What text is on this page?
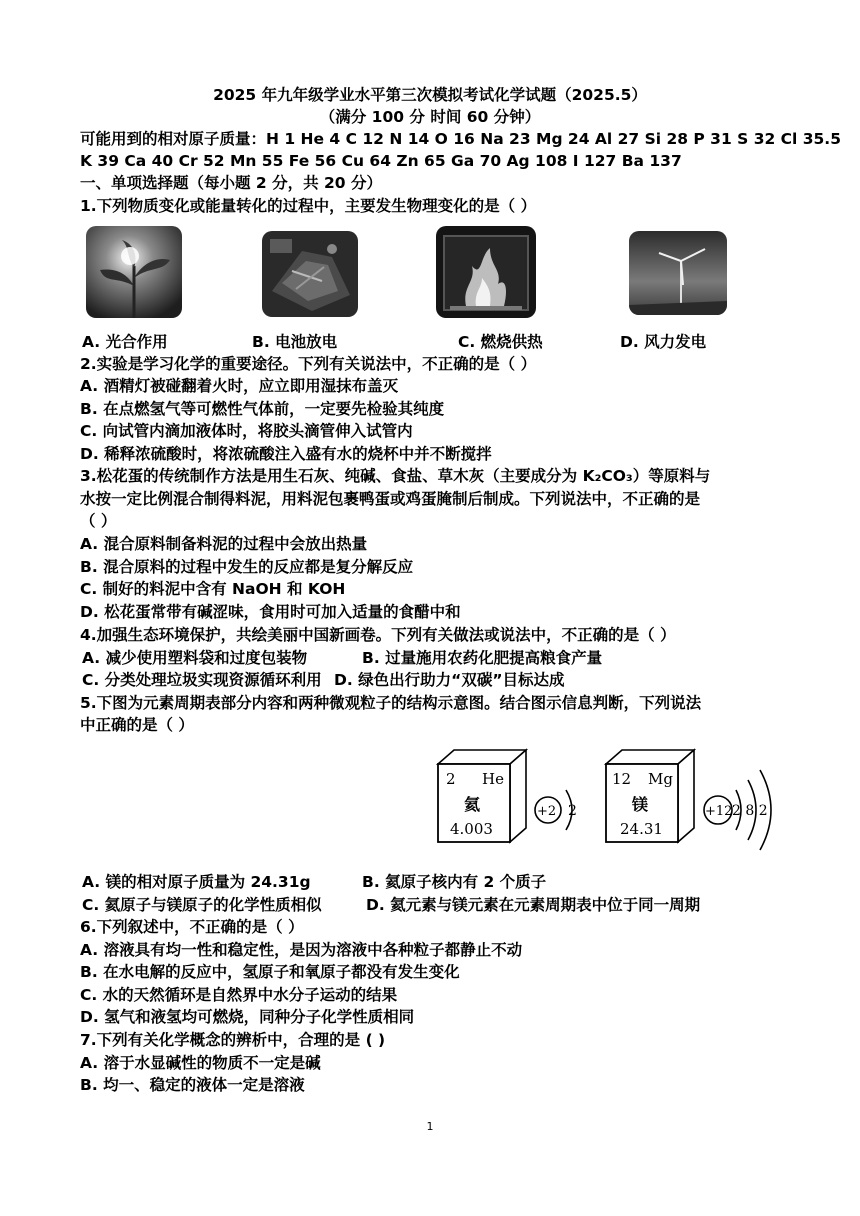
2025 年九年级学业水平第三次模拟考试化学试题（2025.5）
（满分 100 分 时间 60 分钟）
可能用到的相对原子质量：H 1 He 4 C 12 N 14 O 16 Na 23 Mg 24 Al 27 Si 28 P 31 S 32 Cl 35.5
K 39 Ca 40 Cr 52 Mn 55 Fe 56 Cu 64 Zn 65 Ga 70 Ag 108 I 127 Ba 137
一、单项选择题（每小题 2 分，共 20 分）
1.下列物质变化或能量转化的过程中，主要发生物理变化的是（ ）
A. 光合作用	B. 电池放电	C. 燃烧供热	D. 风力发电
2.实验是学习化学的重要途径。下列有关说法中，不正确的是（ ）
A. 酒精灯被碰翻着火时，应立即用湿抹布盖灭
B. 在点燃氢气等可燃性气体前，一定要先检验其纯度
C. 向试管内滴加液体时，将胶头滴管伸入试管内
D. 稀释浓硫酸时，将浓硫酸注入盛有水的烧杯中并不断搅拌
3.松花蛋的传统制作方法是用生石灰、纯碱、食盐、草木灰（主要成分为 K₂CO₃）等原料与
水按一定比例混合制得料泥，用料泥包裹鸭蛋或鸡蛋腌制后制成。下列说法中，不正确的是
（ ）
A. 混合原料制备料泥的过程中会放出热量
B. 混合原料的过程中发生的反应都是复分解反应
C. 制好的料泥中含有 NaOH 和 KOH
D. 松花蛋常带有碱涩味，食用时可加入适量的食醋中和
4.加强生态环境保护，共绘美丽中国新画卷。下列有关做法或说法中，不正确的是（ ）
A. 减少使用塑料袋和过度包装物	B. 过量施用农药化肥提高粮食产量
C. 分类处理垃圾实现资源循环利用 D. 绿色出行助力“双碳”目标达成
5.下图为元素周期表部分内容和两种微观粒子的结构示意图。结合图示信息判断，下列说法
中正确的是（ ）
2 He
氦
4.003
+2 2
12 Mg
镁
24.31
+12 2 8 2
A. 镁的相对原子质量为 24.31g	B. 氦原子核内有 2 个质子
C. 氦原子与镁原子的化学性质相似	D. 氦元素与镁元素在元素周期表中位于同一周期
6.下列叙述中，不正确的是（ ）
A. 溶液具有均一性和稳定性，是因为溶液中各种粒子都静止不动
B. 在水电解的反应中，氢原子和氧原子都没有发生变化
C. 水的天然循环是自然界中水分子运动的结果
D. 氢气和液氢均可燃烧，同种分子化学性质相同
7.下列有关化学概念的辨析中，合理的是 ( )
A. 溶于水显碱性的物质不一定是碱
B. 均一、稳定的液体一定是溶液
1
